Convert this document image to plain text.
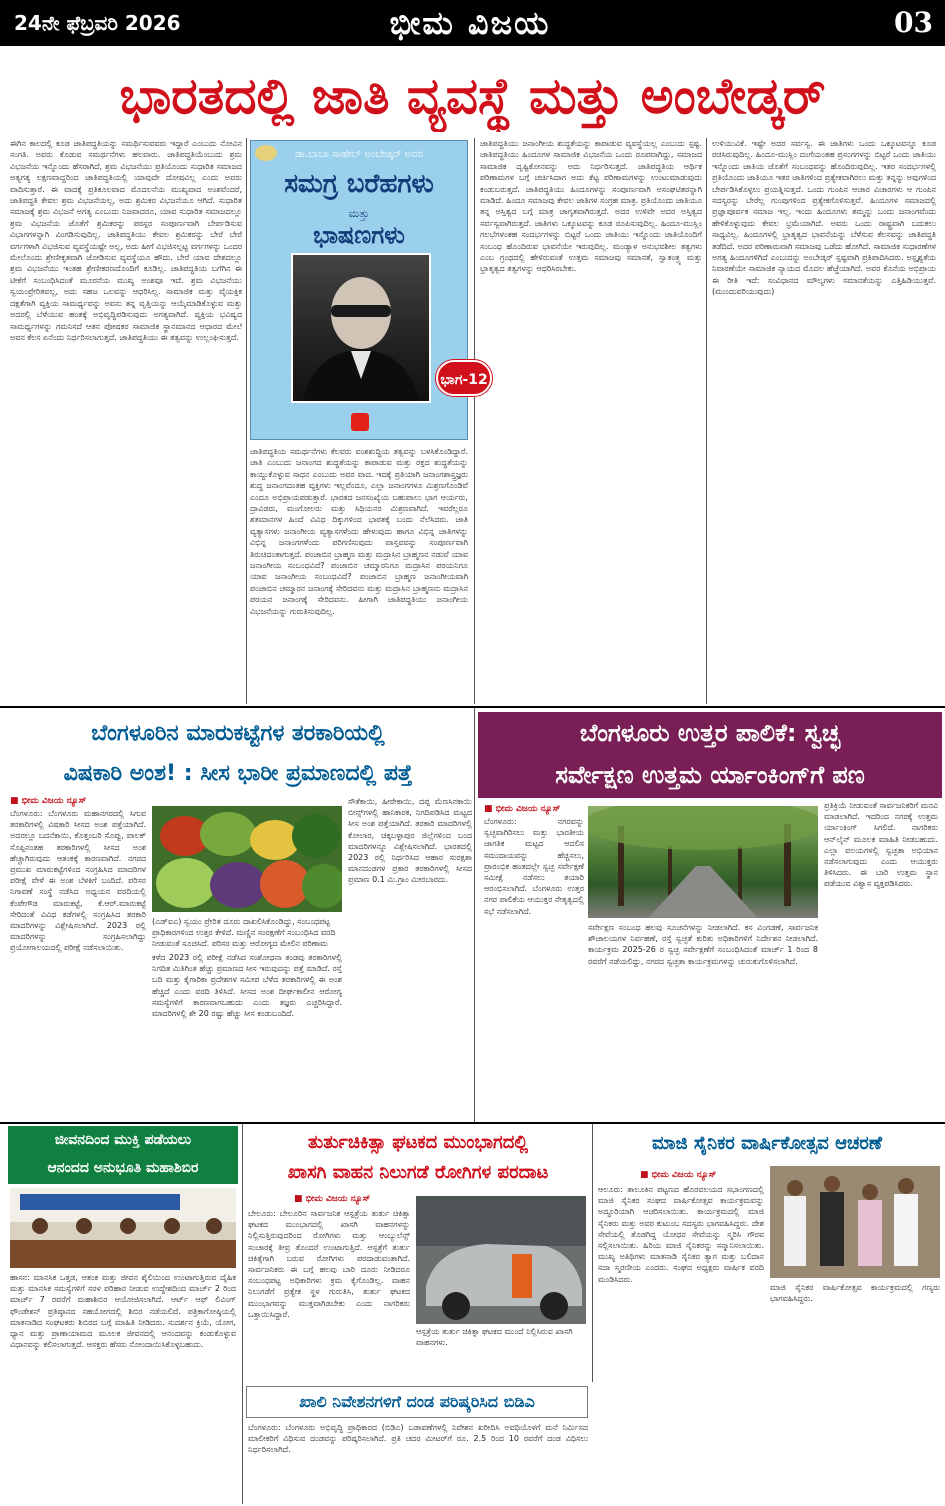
24ನೇ ಫೆಬ್ರವರಿ 2026	ಭೀಮ ವಿಜಯ	03
ಭಾರತದಲ್ಲಿ ಜಾತಿ ವ್ಯವಸ್ಥೆ ಮತ್ತು ಅಂಬೇಡ್ಕರ್
ಈಗಿನ ಕಾಲದಲ್ಲಿ ಕೂಡ ಜಾತಿಪದ್ಧತಿಯನ್ನು ಸಮರ್ಥಿಸುವವರು ಇದ್ದಾರೆ ಎಂಬುದು ನೋವಿನ ಸಂಗತಿ. ಅವರು ಕೊಡುವ ಸಮರ್ಥನೆಗಳು ಹಲವಾರು. ಜಾತಿಪದ್ಧತಿಯೆಂಬುದು ಶ್ರಮ ವಿಭಜನೆಯ ಇನ್ನೊಂದು ಹೆಸರಾಗಿದೆ, ಶ್ರಮ ವಿಭಜನೆಯು ಪ್ರತಿಯೊಂದು ಸುಧಾರಿತ ಸಮಾಜದ ಅತ್ಯಗತ್ಯ ಲಕ್ಷಣವಾದ್ದರಿಂದ ಜಾತಿಪದ್ಧತಿಯಲ್ಲಿ ಯಾವುದೇ ದೋಷವಿಲ್ಲ ಎಂದು ಅವರು ವಾದಿಸುತ್ತಾರೆ. ಈ ವಾದಕ್ಕೆ ಪ್ರತಿಕೂಲವಾದ ಮೊದಲನೆಯ ಮುಖ್ಯವಾದ ಅಂಶವೆಂದರೆ, ಜಾತಿಪದ್ಧತಿ ಕೇವಲ ಶ್ರಮ ವಿಭಜನೆಯಲ್ಲ, ಅದು ಶ್ರಮಿಕರ ವಿಭಜನೆಯೂ ಆಗಿದೆ. ಸುಧಾರಿತ ಸಮಾಜಕ್ಕೆ ಶ್ರಮ ವಿಭಜನೆ ಅಗತ್ಯ ಎಂಬುದು ನಿಜವಾದರೂ, ಯಾವ ಸುಧಾರಿತ ಸಮಾಜದಲ್ಲೂ ಶ್ರಮ ವಿಭಜನೆಯ ಜೊತೆಗೆ ಶ್ರಮಿಕರನ್ನು ಪರಸ್ಪರ ಸಂಪೂರ್ಣವಾಗಿ ಬೇರ್ಪಡಿಸುವ ವಿಭಾಗಗಳನ್ನಾಗಿ ವಿಂಗಡಿಸುವುದಿಲ್ಲ. ಜಾತಿಪದ್ಧತಿಯು ಕೇವಲ ಶ್ರಮಿಕರನ್ನು ಬೇರೆ ಬೇರೆ ವರ್ಗಗಳಾಗಿ ವಿಭಜಿಸುವ ವ್ಯವಸ್ಥೆಯಷ್ಟೇ ಅಲ್ಲ, ಅದು ಹೀಗೆ ವಿಭಜಿಸಲ್ಪಟ್ಟ ವರ್ಗಗಳನ್ನು ಒಂದರ ಮೇಲೊಂದು ಶ್ರೇಣೀಕೃತವಾಗಿ ಜೋಡಿಸುವ ವ್ಯವಸ್ಥೆಯೂ ಹೌದು. ಬೇರೆ ಯಾವ ದೇಶದಲ್ಲೂ ಶ್ರಮ ವಿಭಜನೆಯು ಇಂತಹ ಶ್ರೇಣೀಕರಣದೊಂದಿಗೆ ಕೂಡಿಲ್ಲ. ಜಾತಿಪದ್ಧತಿಯ ಬಗೆಗಿನ ಈ ಟೀಕೆಗೆ ಸಂಬಂಧಿಸಿದಂತೆ ಮೂರನೆಯ ಮುಖ್ಯ ಅಂಶವೂ ಇದೆ. ಶ್ರಮ ವಿಭಜನೆಯು ಸ್ವಯಂಪ್ರೇರಿತವಲ್ಲ, ಅದು ಸಹಜ ಒಲವನ್ನು ಆಧರಿಸಿಲ್ಲ. ಸಾಮಾಜಿಕ ಮತ್ತು ವೈಯಕ್ತಿಕ ದಕ್ಷತೆಗಾಗಿ ವ್ಯಕ್ತಿಯ ಸಾಮರ್ಥ್ಯವನ್ನು ಅವನು ತನ್ನ ವೃತ್ತಿಯನ್ನು ಆಯ್ಕೆಮಾಡಿಕೊಳ್ಳುವ ಮತ್ತು ಅದರಲ್ಲಿ ಬೆಳೆಯುವ ಹಂತಕ್ಕೆ ಅಭಿವೃದ್ಧಿಪಡಿಸುವುದು ಅಗತ್ಯವಾಗಿದೆ. ವ್ಯಕ್ತಿಯ ಭವಿಷ್ಯದ ಸಾಮರ್ಥ್ಯಗಳನ್ನು ಗಮನಿಸದೆ ಆತನ ಪೋಷಕರ ಸಾಮಾಜಿಕ ಸ್ಥಾನಮಾನದ ಆಧಾರದ ಮೇಲೆ ಅವನ ಕೆಲಸ ಏನೆಂದು ನಿರ್ಧರಿಸಲಾಗುತ್ತದೆ. ಜಾತಿಪದ್ಧತಿಯು ಈ ತತ್ವವನ್ನು ಉಲ್ಲಂಘಿಸುತ್ತದೆ.
ಜಾತಿಪದ್ಧತಿಯ ಸಮರ್ಥನೆಗಳು ಕೆಲವರು ವಂಶಶುದ್ಧಿಯ ತತ್ವವನ್ನು ಬಳಸಿಕೊಂಡಿದ್ದಾರೆ. ಜಾತಿ ಎಂಬುದು ಜನಾಂಗದ ಶುದ್ಧತೆಯನ್ನು ಕಾಪಾಡುವ ಮತ್ತು ರಕ್ತದ ಶುದ್ಧತೆಯನ್ನು ಕಾಯ್ದುಕೊಳ್ಳುವ ಸಾಧನ ಎಂಬುದು ಅವರ ವಾದ. ಇದಕ್ಕೆ ಪ್ರತಿಯಾಗಿ ಜನಾಂಗಶಾಸ್ತ್ರಜ್ಞರು ಶುದ್ಧ ಜನಾಂಗದಂತಹ ವ್ಯಕ್ತಿಗಳು ಇಲ್ಲವೆಂದೂ, ಎಲ್ಲಾ ಜನಾಂಗಗಳೂ ಮಿಶ್ರಣಗೊಂಡಿವೆ ಎಂದೂ ಅಭಿಪ್ರಾಯಪಡುತ್ತಾರೆ. ಭಾರತದ ಜನಸಂಖ್ಯೆಯ ಬಹುಪಾಲು ಭಾಗ ಆರ್ಯರು, ದ್ರಾವಿಡರು, ಮಂಗೋಲರು ಮತ್ತು ಸಿಥಿಯನರ ಮಿಶ್ರಣವಾಗಿದೆ. ಇವರೆಲ್ಲರೂ ಶತಮಾನಗಳ ಹಿಂದೆ ವಿವಿಧ ದಿಕ್ಕುಗಳಿಂದ ಭಾರತಕ್ಕೆ ಬಂದು ನೆಲೆಸಿದರು. ಜಾತಿ ವ್ಯತ್ಯಾಸಗಳು ಜನಾಂಗೀಯ ವ್ಯತ್ಯಾಸಗಳೆಂದು ಹೇಳುವುದು ಹಾಗೂ ವಿಭಿನ್ನ ಜಾತಿಗಳನ್ನು ವಿಭಿನ್ನ ಜನಾಂಗಗಳೆಂದು ಪರಿಗಣಿಸುವುದು ವಾಸ್ತವವನ್ನು ಸಂಪೂರ್ಣವಾಗಿ ತಿರುಚಿದಂತಾಗುತ್ತದೆ. ಪಂಜಾಬಿನ ಬ್ರಾಹ್ಮಣ ಮತ್ತು ಮದ್ರಾಸಿನ ಬ್ರಾಹ್ಮಣನ ನಡುವೆ ಯಾವ ಜನಾಂಗೀಯ ಸಂಬಂಧವಿದೆ? ಪಂಜಾಬಿನ ಚಮ್ಮಾರನಿಗೂ ಮದ್ರಾಸಿನ ಪರಯನಿಗೂ ಯಾವ ಜನಾಂಗೀಯ ಸಂಬಂಧವಿದೆ? ಪಂಜಾಬಿನ ಬ್ರಾಹ್ಮಣ ಜನಾಂಗೀಯವಾಗಿ ಪಂಜಾಬಿನ ಚಮ್ಮಾರನ ಜನಾಂಗಕ್ಕೆ ಸೇರಿದವನು ಮತ್ತು ಮದ್ರಾಸಿನ ಬ್ರಾಹ್ಮಣನು ಮದ್ರಾಸಿನ ಪರಯನ ಜನಾಂಗಕ್ಕೆ ಸೇರಿದವನು. ಹೀಗಾಗಿ ಜಾತಿಪದ್ಧತಿಯು ಜನಾಂಗೀಯ ವಿಭಜನೆಯನ್ನು ಗುರುತಿಸುವುದಿಲ್ಲ.
ಜಾತಿಪದ್ಧತಿಯು ಜನಾಂಗೀಯ ಶುದ್ಧತೆಯನ್ನು ಕಾಪಾಡುವ ವ್ಯವಸ್ಥೆಯಲ್ಲ ಎಂಬುದು ಸ್ಪಷ್ಟ. ಜಾತಿಪದ್ಧತಿಯು ಹಿಂದೂಗಳ ಸಾಮಾಜಿಕ ವಿಭಜನೆಯ ಒಂದು ರೂಪವಾಗಿದ್ದು, ಸಮಾಜದ ಸಾಮಾಜಿಕ ದೃಷ್ಟಿಕೋನವನ್ನು ಅದು ನಿರ್ಧರಿಸುತ್ತದೆ. ಜಾತಿಪದ್ಧತಿಯ ಆರ್ಥಿಕ ಪರಿಣಾಮಗಳ ಬಗ್ಗೆ ಚರ್ಚಿಸಿದಾಗ ಅದು ಕೆಟ್ಟ ಪರಿಣಾಮಗಳನ್ನು ಉಂಟುಮಾಡುವುದು ಕಂಡುಬರುತ್ತದೆ. ಜಾತಿಪದ್ಧತಿಯು ಹಿಂದೂಗಳನ್ನು ಸಂಪೂರ್ಣವಾಗಿ ಅಸಂಘಟಿತರನ್ನಾಗಿ ಮಾಡಿದೆ. ಹಿಂದೂ ಸಮಾಜವು ಕೇವಲ ಜಾತಿಗಳ ಸಂಗ್ರಹ ಮಾತ್ರ. ಪ್ರತಿಯೊಂದು ಜಾತಿಯೂ ತನ್ನ ಅಸ್ತಿತ್ವದ ಬಗ್ಗೆ ಮಾತ್ರ ಜಾಗೃತವಾಗಿರುತ್ತದೆ. ಅದರ ಉಳಿವೇ ಅದರ ಅಸ್ತಿತ್ವದ ಸರ್ವಸ್ವವಾಗಿರುತ್ತದೆ. ಜಾತಿಗಳು ಒಕ್ಕೂಟವನ್ನು ಕೂಡ ರೂಪಿಸುವುದಿಲ್ಲ. ಹಿಂದೂ-ಮುಸ್ಲಿಂ ಗಲಭೆಗಳಂತಹ ಸಂದರ್ಭಗಳನ್ನು ಬಿಟ್ಟರೆ ಒಂದು ಜಾತಿಯು ಇನ್ನೊಂದು ಜಾತಿಯೊಂದಿಗೆ ಸಂಬಂಧ ಹೊಂದಿರುವ ಭಾವನೆಯೇ ಇರುವುದಿಲ್ಲ. ಮಂಡ್ಯಾಳ ಅನುಭವಶೀಲ ತತ್ವಗಳು ಎಂಬ ಗ್ರಂಥದಲ್ಲಿ ಹೇಳಿರುವಂತೆ ಉತ್ತಮ ಸಮಾಜವು ಸಮಾನತೆ, ಸ್ವಾತಂತ್ರ್ಯ ಮತ್ತು ಭ್ರಾತೃತ್ವದ ತತ್ವಗಳನ್ನು ಆಧರಿಸಿರಬೇಕು.
ಉಳಿಯುವಿಕೆ. ಇಷ್ಟೇ ಅದರ ಸರ್ವಸ್ವ. ಈ ಜಾತಿಗಳು ಒಂದು ಒಕ್ಕೂಟವನ್ನೂ ಕೂಡ ರಚಿಸಿರುವುದಿಲ್ಲ. ಹಿಂದೂ-ಮುಸ್ಲಿಂ ದಂಗೆಯಂತಹ ಪ್ರಸಂಗಗಳನ್ನು ಬಿಟ್ಟರೆ ಒಂದು ಜಾತಿಯು ಇನ್ನೊಂದು ಜಾತಿಯ ಜೊತೆಗೆ ಸಂಬಂಧವನ್ನು ಹೊಂದಿರುವುದಿಲ್ಲ. ಇತರ ಸಂದರ್ಭಗಳಲ್ಲಿ ಪ್ರತಿಯೊಂದು ಜಾತಿಯೂ ಇತರ ಜಾತಿಗಳಿಂದ ಪ್ರತ್ಯೇಕವಾಗಿರಲು ಮತ್ತು ತನ್ನನ್ನು ಅವುಗಳಿಂದ ಬೇರ್ಪಡಿಸಿಕೊಳ್ಳಲು ಪ್ರಯತ್ನಿಸುತ್ತದೆ. ಒಂದು ಗುಂಪಿನ ಆಚಾರ ವಿಚಾರಗಳು ಆ ಗುಂಪಿನ ಸದಸ್ಯರನ್ನು ಬೇರೆಲ್ಲ ಗುಂಪುಗಳಿಂದ ಪ್ರತ್ಯೇಕಗೊಳಿಸುತ್ತವೆ. ಹಿಂದೂಗಳ ಸಮಾಜದಲ್ಲಿ ಪ್ರಜ್ಞಾಪೂರ್ವಕ ಸಮಾಜ ಇಲ್ಲ. ಇಂದು ಹಿಂದೂಗಳು ತಮ್ಮನ್ನು ಒಂದು ಜನಾಂಗವೆಂದು ಹೇಳಿಕೊಳ್ಳುವುದು ಕೇವಲ ಭ್ರಮೆಯಾಗಿದೆ. ಅವರು ಒಂದು ರಾಷ್ಟ್ರವಾಗಿ ಬದುಕಲು ಸಾಧ್ಯವಿಲ್ಲ. ಹಿಂದೂಗಳಲ್ಲಿ ಭ್ರಾತೃತ್ವದ ಭಾವನೆಯನ್ನು ಬೆಳೆಸುವ ಕೆಲಸವನ್ನು ಜಾತಿಪದ್ಧತಿ ತಡೆದಿದೆ. ಅದರ ಪರಿಣಾಮವಾಗಿ ಸಮಾಜವು ಒಡೆದು ಹೋಗಿದೆ. ಸಾಮಾಜಿಕ ಸುಧಾರಣೆಗಳ ಅಗತ್ಯ ಹಿಂದೂಗಳಿಗಿದೆ ಎಂಬುದನ್ನು ಅಂಬೇಡ್ಕರ್ ಸ್ಪಷ್ಟವಾಗಿ ಪ್ರತಿಪಾದಿಸಿದರು. ಅಸ್ಪೃಶ್ಯತೆಯ ನಿವಾರಣೆಯೇ ಸಾಮಾಜಿಕ ನ್ಯಾಯದ ಮೊದಲ ಹೆಜ್ಜೆಯಾಗಿದೆ. ಅವರ ಕೊನೆಯ ಅಭಿಪ್ರಾಯ ಈ ರೀತಿ ಇದೆ: ಸಂವಿಧಾನದ ಮೌಲ್ಯಗಳು ಸಮಾನತೆಯನ್ನು ಎತ್ತಿಹಿಡಿಯುತ್ತವೆ. (ಮುಂದುವರಿಯುವುದು)
ಡಾ.ಬಾಬಾ ಸಾಹೇಬ್ ಅಂಬೇಡ್ಕರ್ ಅವರ
ಸಮಗ್ರ ಬರೆಹಗಳು
ಮತ್ತು
ಭಾಷಣಗಳು
ಭಾಗ-12
ಬೆಂಗಳೂರಿನ ಮಾರುಕಟ್ಟೆಗಳ ತರಕಾರಿಯಲ್ಲಿ
ವಿಷಕಾರಿ ಅಂಶ! : ಸೀಸ ಭಾರೀ ಪ್ರಮಾಣದಲ್ಲಿ ಪತ್ತೆ
■ ಭೀಮ ವಿಜಯ ನ್ಯೂಸ್
ಬೆಂಗಳೂರು: ಬೆಂಗಳೂರು ಮಹಾನಗರದಲ್ಲಿ ಸಿಗುವ ತರಕಾರಿಗಳಲ್ಲಿ ವಿಷಕಾರಿ ಸೀಸದ ಅಂಶ ಪತ್ತೆಯಾಗಿದೆ. ಅದರಲ್ಲೂ ಬದನೆಕಾಯಿ, ಕೊತ್ತಂಬರಿ ಸೊಪ್ಪು, ಪಾಲಕ್ ಸೊಪ್ಪಿನಂತಹ ತರಕಾರಿಗಳಲ್ಲಿ ಸೀಸದ ಅಂಶ ಹೆಚ್ಚಾಗಿರುವುದು ಆತಂಕಕ್ಕೆ ಕಾರಣವಾಗಿದೆ. ನಗರದ ಪ್ರಮುಖ ಮಾರುಕಟ್ಟೆಗಳಿಂದ ಸಂಗ್ರಹಿಸಿದ ಮಾದರಿಗಳ ಪರೀಕ್ಷೆ ವೇಳೆ ಈ ಅಂಶ ಬೆಳಕಿಗೆ ಬಂದಿದೆ. ಪರಿಸರ ನಿಗಾವಣೆ ಸಂಸ್ಥೆ ನಡೆಸಿದ ಅಧ್ಯಯನ ವರದಿಯಲ್ಲಿ ಕೆಂಪೇಗೌಡ ಮಾರುಕಟ್ಟೆ, ಕೆ.ಆರ್.ಮಾರುಕಟ್ಟೆ ಸೇರಿದಂತೆ ವಿವಿಧ ಕಡೆಗಳಲ್ಲಿ ಸಂಗ್ರಹಿಸಿದ ತರಕಾರಿ ಮಾದರಿಗಳನ್ನು ವಿಶ್ಲೇಷಿಸಲಾಗಿದೆ. 2023 ರಲ್ಲಿ ಮಾದರಿಗಳನ್ನು ಸಂಗ್ರಹಿಸಲಾಗಿದ್ದು ಪ್ರಯೋಗಾಲಯದಲ್ಲಿ ಪರೀಕ್ಷೆ ನಡೆಸಲಾಯಿತು.
(ಎಡ್‌ಐಎ) ಸ್ವಯಂ ಪ್ರೇರಿತ ದೂರು ದಾಖಲಿಸಿಕೊಂಡಿದ್ದು, ಸಂಬಂಧಪಟ್ಟ ಪ್ರಾಧಿಕಾರಗಳಿಂದ ಉತ್ತರ ಕೇಳಿದೆ. ಮಣ್ಣಿನ ಸಂರಕ್ಷಣೆಗೆ ಸಂಬಂಧಿಸಿದ ವರದಿ ನೀಡುವಂತೆ ಸೂಚಿಸಿದೆ. ಪರಿಸರ ಮತ್ತು ಆರೋಗ್ಯದ ಮೇಲಿನ ಪರಿಣಾಮ
ಕಳೆದ 2023 ರಲ್ಲಿ ಪರೀಕ್ಷೆ ನಡೆಸಿದ ಸಂಶೋಧನಾ ತಂಡವು ತರಕಾರಿಗಳಲ್ಲಿ ನಿಗದಿತ ಮಿತಿಗಿಂತ ಹೆಚ್ಚು ಪ್ರಮಾಣದ ಸೀಸ ಇರುವುದನ್ನು ಪತ್ತೆ ಮಾಡಿದೆ. ರಸ್ತೆ ಬದಿ ಮತ್ತು ಕೈಗಾರಿಕಾ ಪ್ರದೇಶಗಳ ಸಮೀಪ ಬೆಳೆದ ತರಕಾರಿಗಳಲ್ಲಿ ಈ ಅಂಶ ಹೆಚ್ಚಿದೆ ಎಂದು ವರದಿ ತಿಳಿಸಿದೆ. ಸೀಸದ ಅಂಶ ದೀರ್ಘಕಾಲೀನ ಆರೋಗ್ಯ ಸಮಸ್ಯೆಗಳಿಗೆ ಕಾರಣವಾಗಬಹುದು ಎಂದು ತಜ್ಞರು ಎಚ್ಚರಿಸಿದ್ದಾರೆ. ಮಾದರಿಗಳಲ್ಲಿ ಶೇ 20 ರಷ್ಟು ಹೆಚ್ಚು ಸೀಸ ಕಂಡುಬಂದಿದೆ.
ಸೌತೆಕಾಯಿ, ಹೀರೇಕಾಯಿ, ದಪ್ಪ ಮೆಣಸಿನಕಾಯಿ ಬೀನ್ಸ್‌ಗಳಲ್ಲಿ ಹಾನಿಕಾರಕ, ನಿಗದಿಪಡಿಸಿದ ಮಟ್ಟದ ಸೀಸ ಅಂಶ ಪತ್ತೆಯಾಗಿದೆ. ತರಕಾರಿ ಮಾದರಿಗಳಲ್ಲಿ ಕೋಲಾರ, ಚಿಕ್ಕಬಳ್ಳಾಪುರ ಜಿಲ್ಲೆಗಳಿಂದ ಬಂದ ಮಾದರಿಗಳನ್ನೂ ವಿಶ್ಲೇಷಿಸಲಾಗಿದೆ. ಭಾರತದಲ್ಲಿ 2023 ರಲ್ಲಿ ನಿರ್ಧರಿಸಿದ ಆಹಾರ ಸುರಕ್ಷತಾ ಮಾನದಂಡಗಳ ಪ್ರಕಾರ ತರಕಾರಿಗಳಲ್ಲಿ ಸೀಸದ ಪ್ರಮಾಣ 0.1 ಮಿ.ಗ್ರಾಂ ಮೀರಬಾರದು.
ಬೆಂಗಳೂರು ಉತ್ತರ ಪಾಲಿಕೆ: ಸ್ವಚ್ಛ
ಸರ್ವೇಕ್ಷಣ ಉತ್ತಮ ರ್ಯಾಂಕಿಂಗ್‌ಗೆ ಪಣ
■ ಭೀಮ ವಿಜಯ ನ್ಯೂಸ್
ಬೆಂಗಳೂರು: ನಗರವನ್ನು ಸ್ವಚ್ಛವಾಗಿರಿಸಲು ಮತ್ತು ಭಾರತೀಯ ಜಾಗತಿಕ ಮಟ್ಟದ ಆದಲಿಸ ಸಮುದಾಯವನ್ನು ಹೆಚ್ಚಿಸಲು, ಪ್ರಾರಂಭಿಕ ಹಂತದಲ್ಲೇ ಸ್ವಚ್ಛ ಸರ್ವೇಕ್ಷಣೆ ಸಮೀಕ್ಷೆ ನಡೆಸಲು ತಯಾರಿ ಆರಂಭಿಸಲಾಗಿದೆ. ಬೆಂಗಳೂರು ಉತ್ತರ ನಗರ ಪಾಲಿಕೆಯ ಆಯುಕ್ತರ ನೇತೃತ್ವದಲ್ಲಿ ಸಭೆ ನಡೆಸಲಾಗಿದೆ.
ಸರ್ವೇಕ್ಷಣ ಸಂಬಂಧ ಹಲವು ಸೂಚನೆಗಳನ್ನು ನೀಡಲಾಗಿದೆ. ಕಸ ವಿಂಗಡಣೆ, ಸಾರ್ವಜನಿಕ ಶೌಚಾಲಯಗಳ ನಿರ್ವಹಣೆ, ರಸ್ತೆ ಸ್ವಚ್ಛತೆ ಕುರಿತು ಅಧಿಕಾರಿಗಳಿಗೆ ನಿರ್ದೇಶನ ನೀಡಲಾಗಿದೆ. ಕಾರ್ಯಕ್ರಮ 2025-26 ರ ಸ್ವಚ್ಛ ಸರ್ವೇಕ್ಷಣೆಗೆ ಸಂಬಂಧಿಸಿದಂತೆ ಮಾರ್ಚ್ 1 ರಿಂದ 8 ರವರೆಗೆ ನಡೆಯಲಿದ್ದು, ನಗರದ ಸ್ವಚ್ಛತಾ ಕಾರ್ಯಕ್ರಮಗಳನ್ನು ಚುರುಕುಗೊಳಿಸಲಾಗಿದೆ.
ಪ್ರತಿಕ್ರಿಯೆ ನೀಡುವಂತೆ ಸಾರ್ವಜನಿಕರಿಗೆ ಮನವಿ ಮಾಡಲಾಗಿದೆ. ಇದರಿಂದ ನಗರಕ್ಕೆ ಉತ್ತಮ ರ್ಯಾಂಕಿಂಗ್ ಸಿಗಲಿದೆ. ನಾಗರಿಕರು ಆನ್‌ಲೈನ್ ಮೂಲಕ ಮಾಹಿತಿ ನೀಡಬಹುದು. ಎಲ್ಲಾ ವಲಯಗಳಲ್ಲಿ ಸ್ವಚ್ಛತಾ ಅಭಿಯಾನ ನಡೆಸಲಾಗುವುದು ಎಂದು ಆಯುಕ್ತರು ತಿಳಿಸಿದರು. ಈ ಬಾರಿ ಉತ್ತಮ ಸ್ಥಾನ ಪಡೆಯುವ ವಿಶ್ವಾಸ ವ್ಯಕ್ತಪಡಿಸಿದರು.
ಜೀವನದಿಂದ ಮುಕ್ತಿ ಪಡೆಯಲು
ಆನಂದದ ಅನುಭೂತಿ ಮಹಾಶಿಬಿರ
ಹಾಸನ: ಮಾನಸಿಕ ಒತ್ತಡ, ಆತಂಕ ಮತ್ತು ಜೀವನ ಶೈಲಿಯಿಂದ ಉಂಟಾಗುತ್ತಿರುವ ದೈಹಿಕ ಮತ್ತು ಮಾನಸಿಕ ಸಮಸ್ಯೆಗಳಿಗೆ ಸರಳ ಪರಿಹಾರ ನೀಡುವ ಉದ್ದೇಶದಿಂದ ಮಾರ್ಚ್ 2 ರಿಂದ ಮಾರ್ಚ್ 7 ರವರೆಗೆ ಮಹಾಶಿಬಿರ ಆಯೋಜಿಸಲಾಗಿದೆ. ಆರ್ಟ್ ಆಫ್ ಲಿವಿಂಗ್ ಫೌಂಡೇಶನ್ ಪ್ರತಿಷ್ಠಾನದ ಸಹಯೋಗದಲ್ಲಿ ಶಿಬಿರ ನಡೆಯಲಿದೆ. ಪತ್ರಿಕಾಗೋಷ್ಠಿಯಲ್ಲಿ ಮಾತನಾಡಿದ ಸಂಘಟಕರು ಶಿಬಿರದ ಬಗ್ಗೆ ಮಾಹಿತಿ ನೀಡಿದರು. ಸುದರ್ಶನ ಕ್ರಿಯೆ, ಯೋಗ, ಧ್ಯಾನ ಮತ್ತು ಪ್ರಾಣಾಯಾಮದ ಮೂಲಕ ಜೀವನದಲ್ಲಿ ಆನಂದವನ್ನು ಕಂಡುಕೊಳ್ಳುವ ವಿಧಾನವನ್ನು ಕಲಿಸಲಾಗುತ್ತದೆ. ಆಸಕ್ತರು ಹೆಸರು ನೋಂದಾಯಿಸಿಕೊಳ್ಳಬಹುದು.
ತುರ್ತುಚಿಕಿತ್ಸಾ ಘಟಕದ ಮುಂಭಾಗದಲ್ಲಿ
ಖಾಸಗಿ ವಾಹನ ನಿಲುಗಡೆ ರೋಗಿಗಳ ಪರದಾಟ
■ ಭೀಮ ವಿಜಯ ನ್ಯೂಸ್
ಬೇಲೂರು: ಬೇಲೂರಿನ ಸಾರ್ವಜನಿಕ ಆಸ್ಪತ್ರೆಯ ತುರ್ತು ಚಿಕಿತ್ಸಾ ಘಟಕದ ಮುಂಭಾಗದಲ್ಲಿ ಖಾಸಗಿ ವಾಹನಗಳನ್ನು ನಿಲ್ಲಿಸುತ್ತಿರುವುದರಿಂದ ರೋಗಿಗಳು ಮತ್ತು ಆಂಬ್ಯುಲೆನ್ಸ್ ಸಂಚಾರಕ್ಕೆ ತೀವ್ರ ತೊಂದರೆ ಉಂಟಾಗುತ್ತಿದೆ. ಆಸ್ಪತ್ರೆಗೆ ತುರ್ತು ಚಿಕಿತ್ಸೆಗಾಗಿ ಬರುವ ರೋಗಿಗಳು ಪರದಾಡುವಂತಾಗಿದೆ. ಸಾರ್ವಜನಿಕರು ಈ ಬಗ್ಗೆ ಹಲವು ಬಾರಿ ದೂರು ನೀಡಿದರೂ ಸಂಬಂಧಪಟ್ಟ ಅಧಿಕಾರಿಗಳು ಕ್ರಮ ಕೈಗೊಂಡಿಲ್ಲ. ವಾಹನ ನಿಲುಗಡೆಗೆ ಪ್ರತ್ಯೇಕ ಸ್ಥಳ ಗುರುತಿಸಿ, ತುರ್ತು ಘಟಕದ ಮುಂಭಾಗವನ್ನು ಮುಕ್ತವಾಗಿಡಬೇಕು ಎಂದು ನಾಗರಿಕರು ಒತ್ತಾಯಿಸಿದ್ದಾರೆ.
ಆಸ್ಪತ್ರೆಯ ತುರ್ತು ಚಿಕಿತ್ಸಾ ಘಟಕದ ಮುಂದೆ ನಿಲ್ಲಿಸಿರುವ ಖಾಸಗಿ ವಾಹನಗಳು.
ಮಾಜಿ ಸೈನಿಕರ ವಾರ್ಷಿಕೋತ್ಸವ ಆಚರಣೆ
■ ಭೀಮ ವಿಜಯ ನ್ಯೂಸ್
ಆಲೂರು: ತಾಲೂಕಿನ ಪಟ್ಟಣದ ಹೊರವಲಯದ ಸಭಾಂಗಣದಲ್ಲಿ ಮಾಜಿ ಸೈನಿಕರ ಸಂಘದ ವಾರ್ಷಿಕೋತ್ಸವ ಕಾರ್ಯಕ್ರಮವನ್ನು ಅದ್ಧೂರಿಯಾಗಿ ಆಚರಿಸಲಾಯಿತು. ಕಾರ್ಯಕ್ರಮದಲ್ಲಿ ಮಾಜಿ ಸೈನಿಕರು ಮತ್ತು ಅವರ ಕುಟುಂಬ ಸದಸ್ಯರು ಭಾಗವಹಿಸಿದ್ದರು. ದೇಶ ಸೇವೆಯಲ್ಲಿ ತೊಡಗಿದ್ದ ಯೋಧರ ಸೇವೆಯನ್ನು ಸ್ಮರಿಸಿ ಗೌರವ ಸಲ್ಲಿಸಲಾಯಿತು. ಹಿರಿಯ ಮಾಜಿ ಸೈನಿಕರನ್ನು ಸನ್ಮಾನಿಸಲಾಯಿತು. ಮುಖ್ಯ ಅತಿಥಿಗಳು ಮಾತನಾಡಿ ಸೈನಿಕರ ತ್ಯಾಗ ಮತ್ತು ಬಲಿದಾನ ಸದಾ ಸ್ಮರಣೀಯ ಎಂದರು. ಸಂಘದ ಅಧ್ಯಕ್ಷರು ವಾರ್ಷಿಕ ವರದಿ ಮಂಡಿಸಿದರು.
ಮಾಜಿ ಸೈನಿಕರ ವಾರ್ಷಿಕೋತ್ಸವ ಕಾರ್ಯಕ್ರಮದಲ್ಲಿ ಗಣ್ಯರು ಭಾಗವಹಿಸಿದ್ದರು.
ಖಾಲಿ ನಿವೇಶನಗಳಿಗೆ ದಂಡ ಪರಿಷ್ಕರಿಸಿದ ಬಿಡಿಎ
ಬೆಂಗಳೂರು: ಬೆಂಗಳೂರು ಅಭಿವೃದ್ಧಿ ಪ್ರಾಧಿಕಾರದ (ಬಿಡಿಎ) ಬಡಾವಣೆಗಳಲ್ಲಿ ನಿವೇಶನ ಖರೀದಿಸಿ ಅವಧಿಯೊಳಗೆ ಮನೆ ನಿರ್ಮಿಸದ ಮಾಲೀಕರಿಗೆ ವಿಧಿಸುವ ದಂಡವನ್ನು ಪರಿಷ್ಕರಿಸಲಾಗಿದೆ. ಪ್ರತಿ ಚದರ ಮೀಟರ್‌ಗೆ ರೂ. 2.5 ರಿಂದ 10 ರವರೆಗೆ ದಂಡ ವಿಧಿಸಲು ನಿರ್ಧರಿಸಲಾಗಿದೆ.
